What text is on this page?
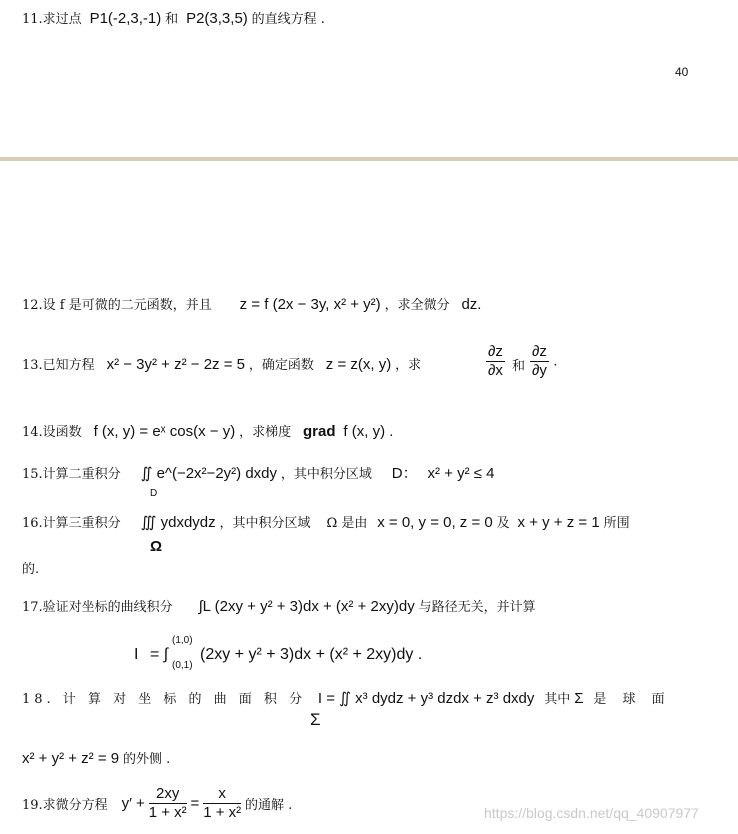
11.求过点 P1(-2,3,-1) 和 P2(3,3,5) 的直线方程 .
40
12.设 f 是可微的二元函数，并且 z = f (2x − 3y, x² + y²) ，求全微分 dz.
13.已知方程 x² − 3y² + z² − 2z = 5 ，确定函数 z = z(x, y) ，求	$\frac{\partial z}{\partial x}$ 和 $\frac{\partial z}{\partial y}$ .
14.设函数 f (x, y) = eˣ cos(x − y) ，求梯度 grad f (x, y) .
15.计算二重积分 ∬ e^(−2x²−2y²) dxdy ，其中积分区域 D： x² + y² ≤ 4
D
16.计算三重积分 ∭ ydxdydz ，其中积分区域 Ω 是由 x = 0, y = 0, z = 0 及 x + y + z = 1 所围
Ω
的.
17.验证对坐标的曲线积分 ∫L (2xy + y² + 3)dx + (x² + 2xy)dy 与路径无关，并计算
I = ∫
(1,0)
(0,1)
(2xy + y² + 3)dx + (x² + 2xy)dy .
18. 计 算 对 坐 标 的 曲 面 积 分 I = ∬ x³ dydz + y³ dzdx + z³ dxdy 其中 Σ 是 球 面
Σ
x² + y² + z² = 9 的外侧 .
19.求微分方程 $y' + \frac{2xy}{\text{1 + x²}} = \frac{x}{\text{1 + x²}}$ 的通解 .	https://blog.csdn.net/qq_40907977
